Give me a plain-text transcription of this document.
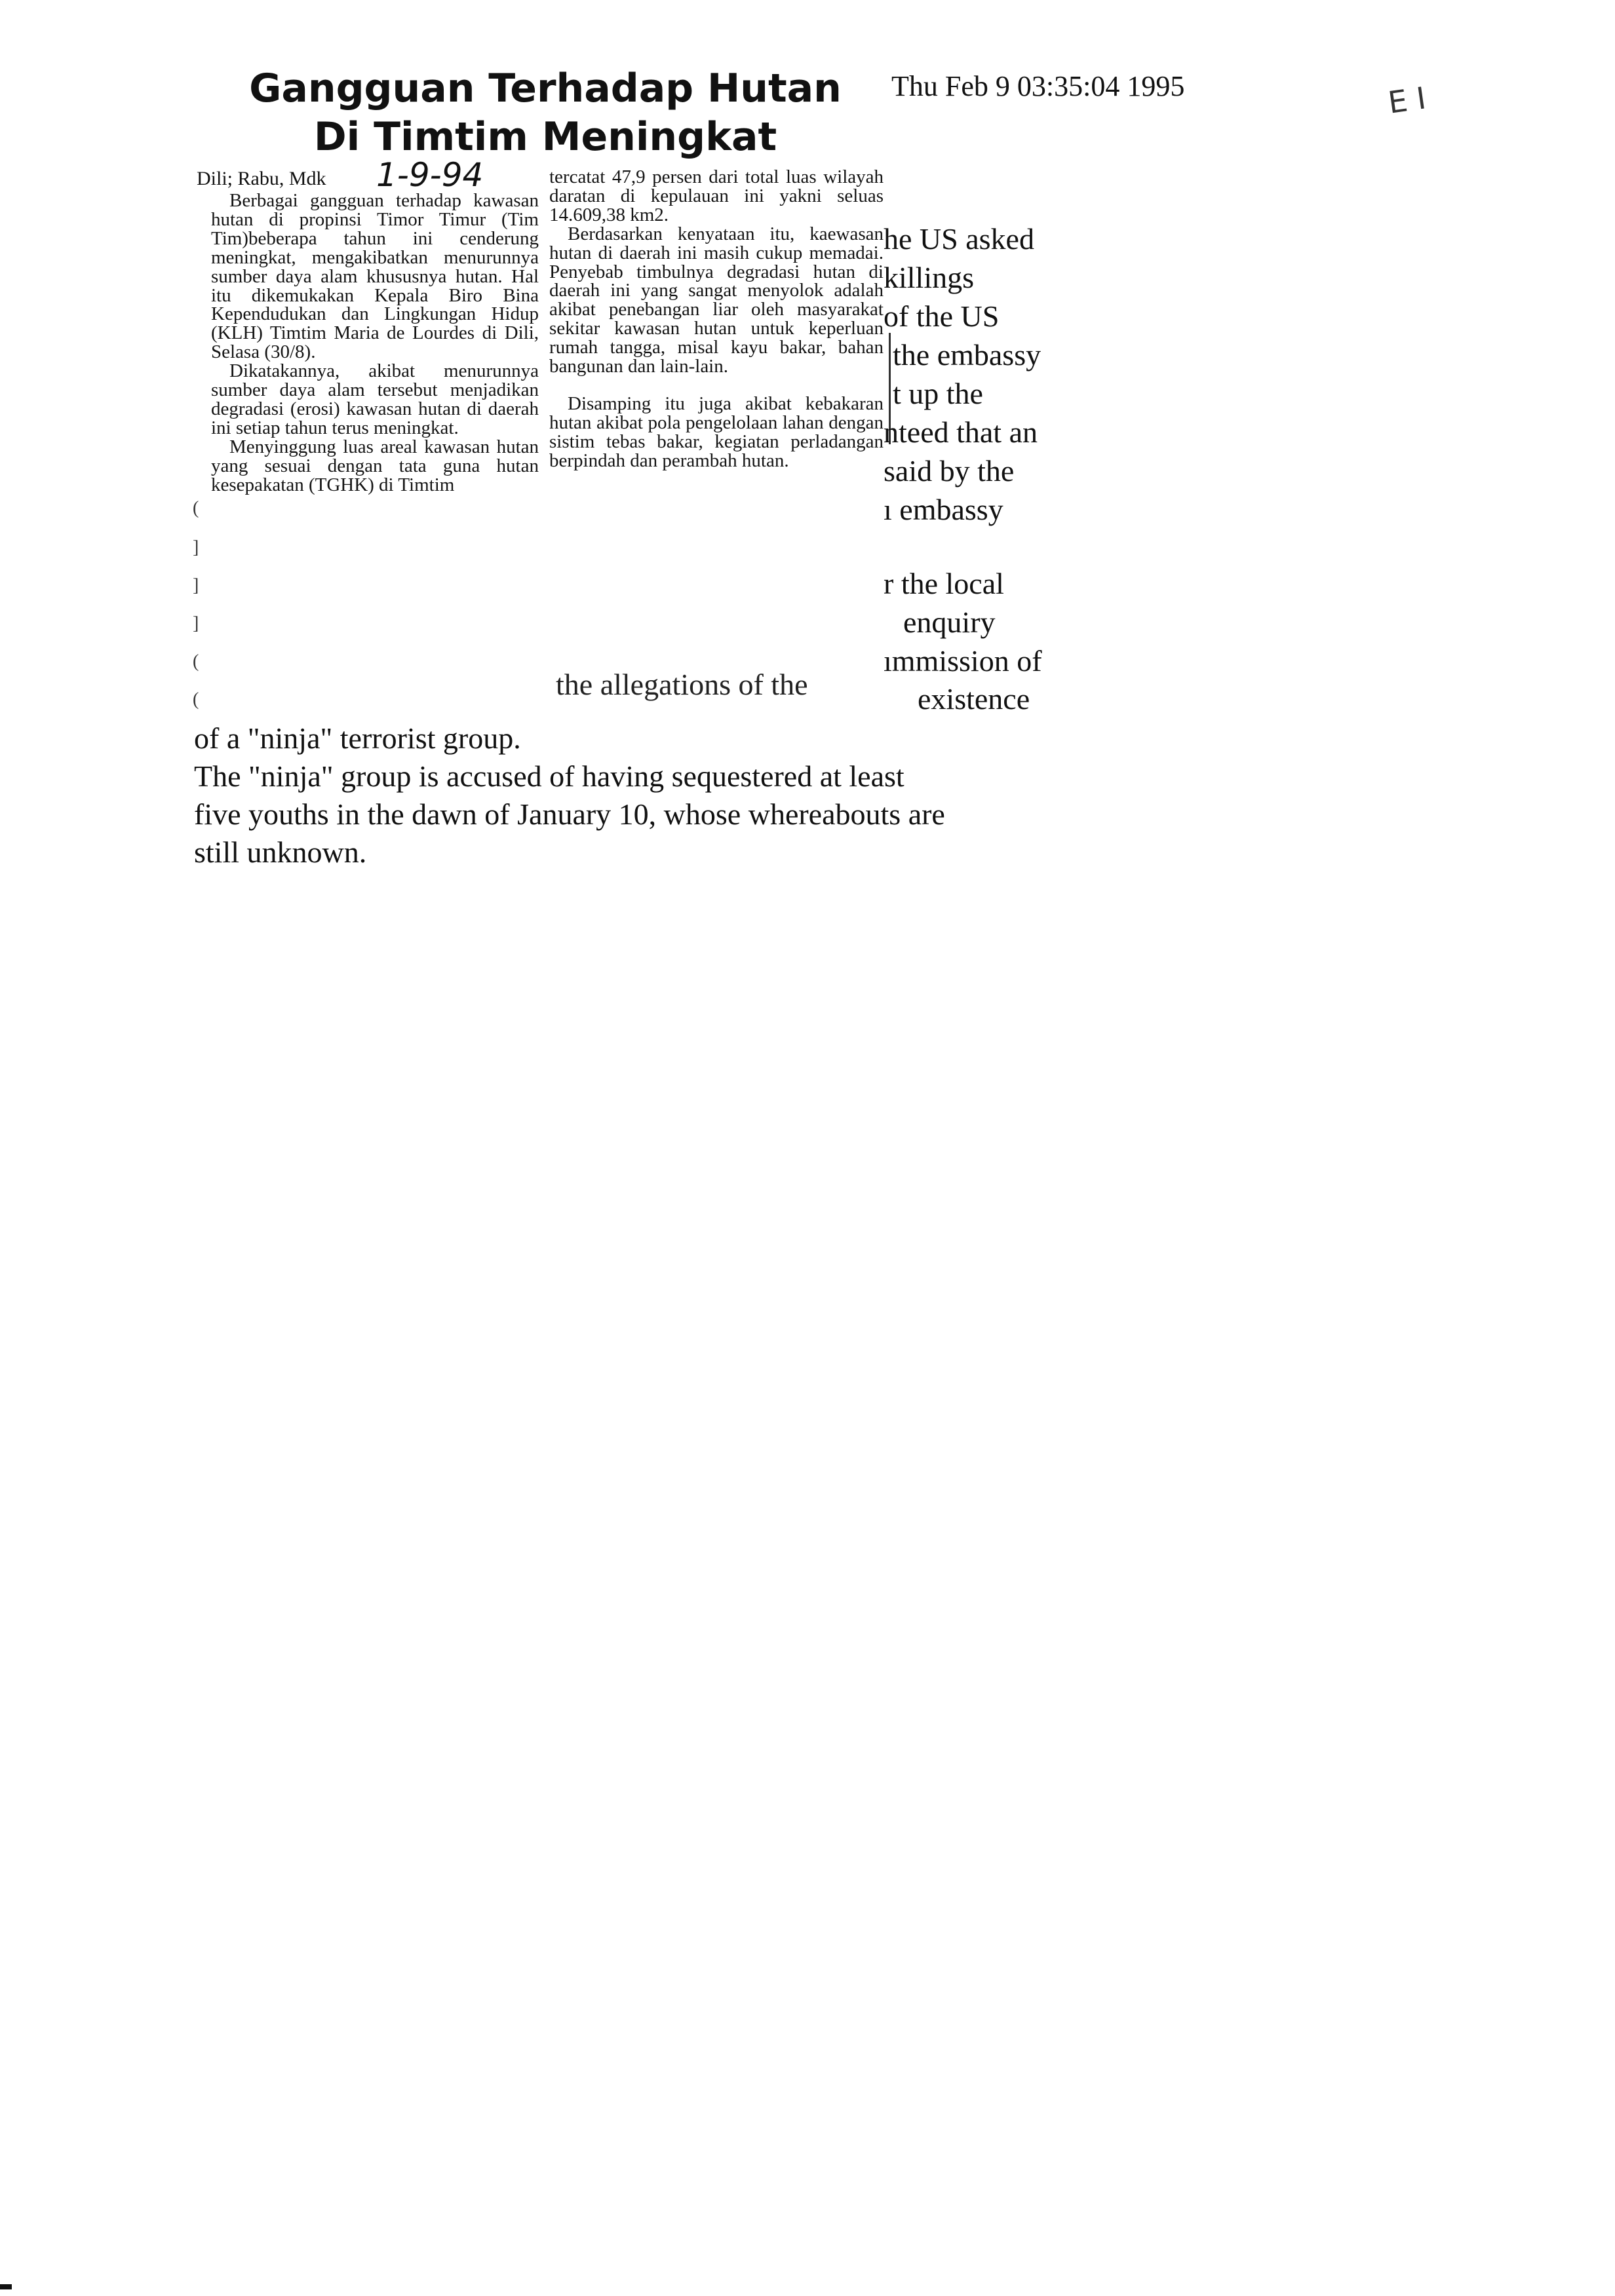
Gangguan Terhadap Hutan
Di Timtim Meningkat
Thu Feb 9 03:35:04 1995	E I
Dili; Rabu, Mdk 1-9-94

Berbagai gangguan terhadap kawasan hutan di propinsi Timor Timur (Tim Tim)beberapa tahun ini cenderung meningkat, mengakibatkan menurunnya sumber daya alam khususnya hutan. Hal itu dikemukakan Kepala Biro Bina Kependudukan dan Lingkungan Hidup (KLH) Timtim Maria de Lourdes di Dili, Selasa (30/8).

Dikatakannya, akibat menurunnya sumber daya alam tersebut menjadikan degradasi (erosi) kawasan hutan di daerah ini setiap tahun terus meningkat.

Menyinggung luas areal kawasan hutan yang sesuai dengan tata guna hutan kesepakatan (TGHK) di Timtim

tercatat 47,9 persen dari total luas wilayah daratan di kepulauan ini yakni seluas 14.609,38 km2.

Berdasarkan kenyataan itu, kaewasan hutan di daerah ini masih cukup memadai. Penyebab timbulnya degradasi hutan di daerah ini yang sangat menyolok adalah akibat penebangan liar oleh masyarakat sekitar kawasan hutan untuk keperluan rumah tangga, misal kayu bakar, bahan bangunan dan lain-lain.

Disamping itu juga akibat kebakaran hutan akibat pola pengelolaan lahan dengan sistim tebas bakar, kegiatan perladangan berpindah dan perambah hutan.

he US asked
killings
of the US
the embassy
t up the
nteed that an
said by the
ı embassy
r the local
enquiry
ımmission of
existence
(
]
]
]
(
(	the allegations of the
of a "ninja" terrorist group.
The "ninja" group is accused of having sequestered at least
five youths in the dawn of January 10, whose whereabouts are
still unknown.
